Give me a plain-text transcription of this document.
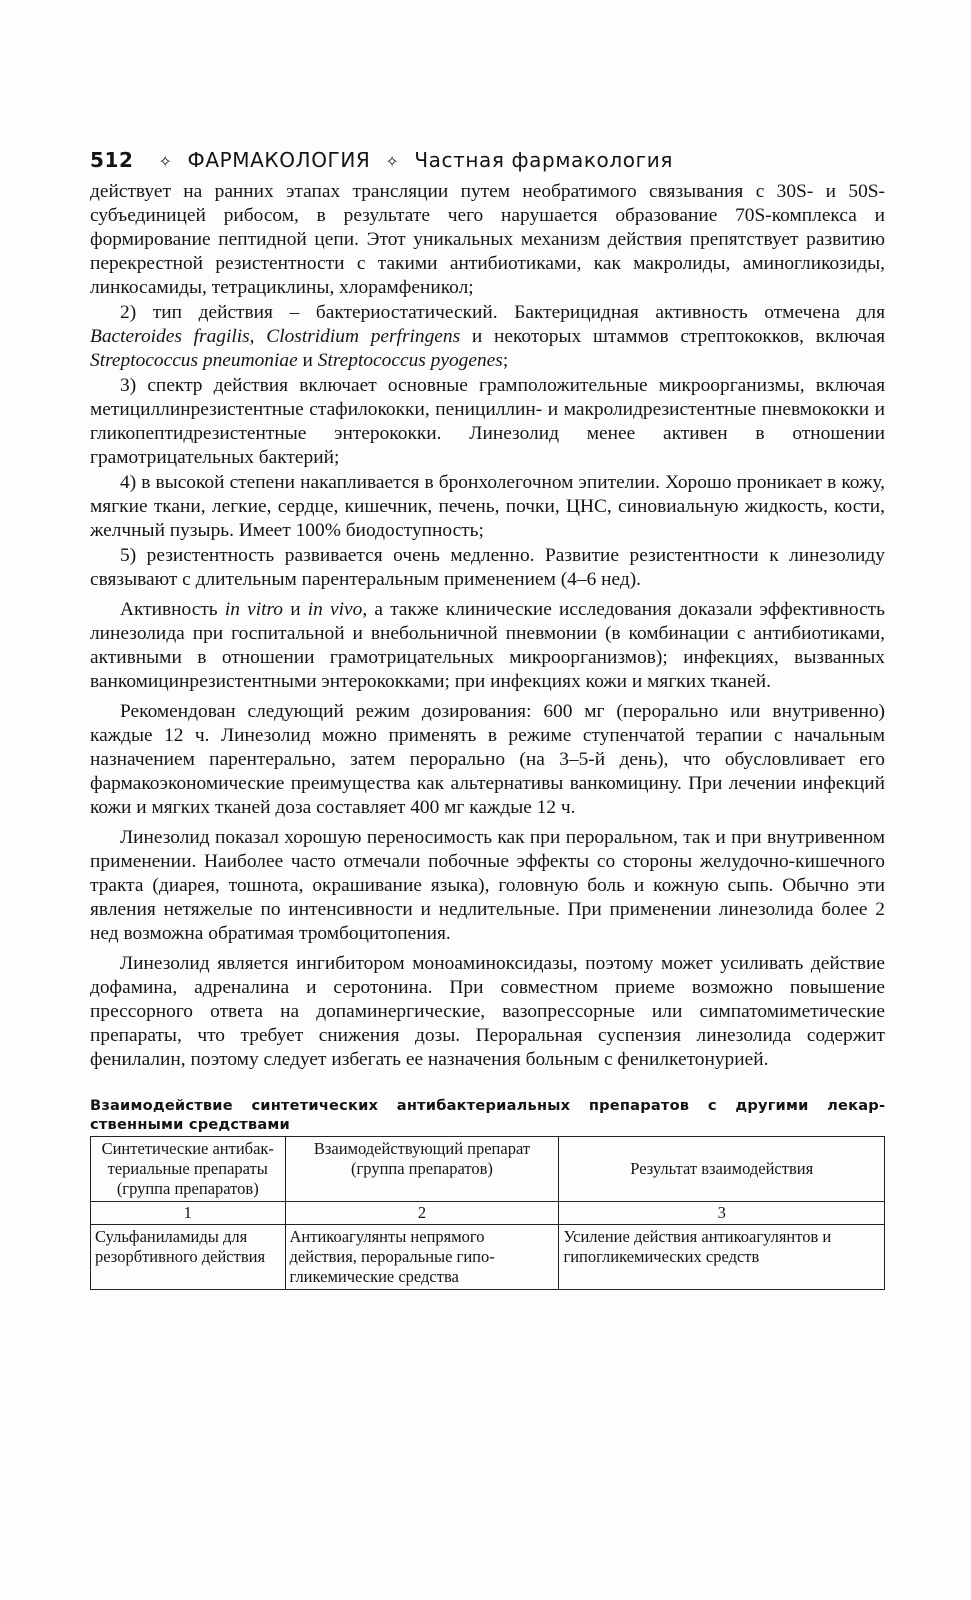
512 ✧ ФАРМАКОЛОГИЯ ✧ Частная фармакология

действует на ранних этапах трансляции путем необратимого связывания с 30S- и 50S-субъединицей рибосом, в результате чего нарушается образование 70S-комплекса и формирование пептидной цепи. Этот уникальных механизм действия препятствует развитию перекрестной резистентности с такими антибиотиками, как макролиды, аминогликозиды, линкосамиды, тетрациклины, хлорамфеникол;

2) тип действия – бактериостатический. Бактерицидная активность отмечена для Bacteroides fragilis, Clostridium perfringens и некоторых штаммов стрептококков, включая Streptococcus pneumoniae и Streptococcus pyogenes;

3) спектр действия включает основные грамположительные микроорганизмы, включая метициллинрезистентные стафилококки, пенициллин- и макролидрезистентные пневмококки и гликопептидрезистентные энтерококки. Линезолид менее активен в отношении грамотрицательных бактерий;

4) в высокой степени накапливается в бронхолегочном эпителии. Хорошо проникает в кожу, мягкие ткани, легкие, сердце, кишечник, печень, почки, ЦНС, синовиальную жидкость, кости, желчный пузырь. Имеет 100% биодоступность;

5) резистентность развивается очень медленно. Развитие резистентности к линезолиду связывают с длительным парентеральным применением (4–6 нед).

Активность in vitro и in vivo, а также клинические исследования доказали эффективность линезолида при госпитальной и внебольничной пневмонии (в комбинации с антибиотиками, активными в отношении грамотрицательных микроорганизмов); инфекциях, вызванных ванкомицинрезистентными энтерококками; при инфекциях кожи и мягких тканей.

Рекомендован следующий режим дозирования: 600 мг (перорально или внутривенно) каждые 12 ч. Линезолид можно применять в режиме ступенчатой терапии с начальным назначением парентерально, затем перорально (на 3–5-й день), что обусловливает его фармакоэкономические преимущества как альтернативы ванкомицину. При лечении инфекций кожи и мягких тканей доза составляет 400 мг каждые 12 ч.

Линезолид показал хорошую переносимость как при пероральном, так и при внутривенном применении. Наиболее часто отмечали побочные эффекты со стороны желудочно-кишечного тракта (диарея, тошнота, окрашивание языка), головную боль и кожную сыпь. Обычно эти явления нетяжелые по интенсивности и недлительные. При применении линезолида более 2 нед возможна обратимая тромбоцитопения.

Линезолид является ингибитором моноаминоксидазы, поэтому может усиливать действие дофамина, адреналина и серотонина. При совместном приеме возможно повышение прессорного ответа на допаминергические, вазопрессорные или симпатомиметические препараты, что требует снижения дозы. Пероральная суспензия линезолида содержит фенилалин, поэтому следует избегать ее назначения больным с фенилкетонурией.

Взаимодействие синтетических антибактериальных препаратов с другими лекарственными средствами
Синтетические антибактериальные препараты (группа препаратов)	Взаимодействующий препарат (группа препаратов)	Результат взаимодействия
1	2	3
Сульфаниламиды для резорбтивного действия	Антикоагулянты непрямого действия, пероральные гипогликемические средства	Усиление действия антикоагулянтов и гипогликемических средств
